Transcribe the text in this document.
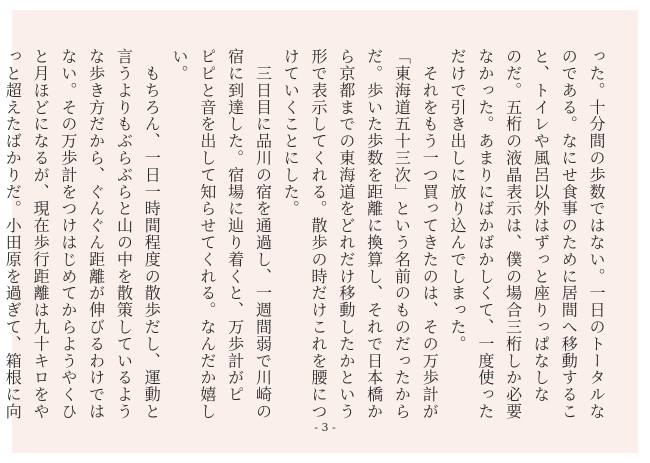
った。十分間の歩数ではない。一日のトータルな
のである。なにせ食事のために居間へ移動するこ
と、トイレや風呂以外はずっと座りっぱなしな
のだ。五桁の液晶表示は、僕の場合三桁しか必要
なかった。あまりにばかばかしくて、一度使った
だけで引き出しに放り込んでしまった。
　それをもう一つ買ってきたのは、その万歩計が
「東海道五十三次」という名前のものだったから
だ。歩いた歩数を距離に換算し、それで日本橋か
ら京都までの東海道をどれだけ移動したかという
形で表示してくれる。散歩の時だけこれを腰につ
けていくことにした。
　三日目に品川の宿を通過し、一週間弱で川崎の
宿に到達した。宿場に辿り着くと、万歩計がピ
ピピと音を出して知らせてくれる。なんだか嬉し
い。
　もちろん、一日一時間程度の散歩だし、運動と
言うよりもぶらぶらと山の中を散策しているよう
な歩き方だから、ぐんぐん距離が伸びるわけでは
ない。その万歩計をつけはじめてからようやくひ
と月ほどになるが、現在歩行距離は九十キロをや
っと超えたばかりだ。小田原を過ぎて、箱根に向
- 3 -
